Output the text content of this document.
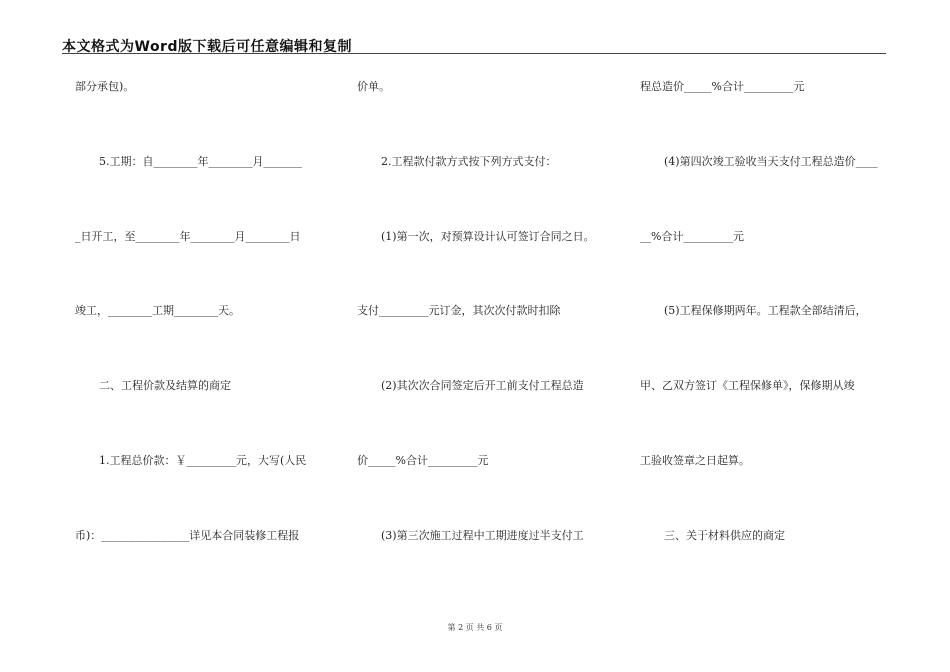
本文格式为Word版下载后可任意编辑和复制
部分承包)。
5.工期：自________年________月_______
_日开工，至________年________月________日
竣工，________工期________天。
二、工程价款及结算的商定
1.工程总价款：￥_________元，大写(人民
币)：________________详见本合同装修工程报
价单。
2.工程款付款方式按下列方式支付：
(1)第一次，对预算设计认可签订合同之日。
支付_________元订金，其次次付款时扣除
(2)其次次合同签定后开工前支付工程总造
价_____%合计_________元
(3)第三次施工过程中工期进度过半支付工
程总造价_____%合计_________元
(4)第四次竣工验收当天支付工程总造价____
__%合计_________元
(5)工程保修期两年。工程款全部结清后，
甲、乙双方签订《工程保修单》，保修期从竣
工验收签章之日起算。
三、关于材料供应的商定
第 2 页 共 6 页
